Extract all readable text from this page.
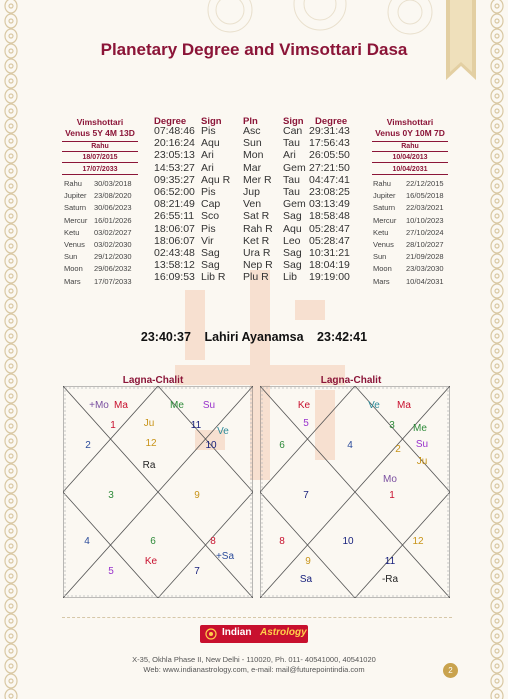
Planetary Degree and Vimsottari Dasa
Vimshottari
Venus 5Y 4M 13D
Rahu
18/07/2015
17/07/2033
Rahu 30/03/2018
Jupiter 23/08/2020
Saturn 30/06/2023
Mercur 16/01/2026
Ketu 03/02/2027
Venus 03/02/2030
Sun 29/12/2030
Moon 29/06/2032
Mars 17/07/2033
Vimshottari
Venus 0Y 10M 7D
Rahu
10/04/2013
10/04/2031
Rahu 22/12/2015
Jupiter 16/05/2018
Saturn 22/03/2021
Mercur 10/10/2023
Ketu 27/10/2024
Venus 28/10/2027
Sun	21/09/2028
Moon 23/03/2030
Mars 10/04/2031
Degree Sign Pln	Sign Degree
07:48:46 Pis	Asc Can 29:31:43
20:16:24 Aqu Sun Tau 17:56:43
23:05:13 Ari	Mon Ari 26:05:50
14:53:27 Ari	Mar Gem 27:21:50
09:35:27 Aqu R Mer R Tau 04:47:41
06:52:00 Pis	Jup Tau 23:08:25
08:21:49 Cap Ven Gem 03:13:49
26:55:11 Sco Sat R Sag 18:58:48
18:06:07 Pis	Rah R Aqu 05:28:47
18:06:07 Vir	Ket R Leo 05:28:47
02:43:48 Sag Ura R Sag 10:31:21
13:58:12 Sag Nep R Sag 18:04:19
16:09:53 Lib R Plu R Lib 19:19:00
23:40:37 Lahiri Ayanamsa 23:42:41
Lagna-Chalit	Lagna-Chalit
+Mo Ma
1	Ju
Me Su
11
12
Ve
10
2
Ra
3	9
4	6	8
Ke	+Sa
5	7
Ke
5
Ve Ma
3 Me
6	4	2 Su
Ju
Mo
1
7
8	10	12
9	11
Sa	-Ra
Indian Astrology
X-35, Okhla Phase II, New Delhi - 110020, Ph. 011- 40541000, 40541020
Web: www.indianastrology.com, e-mail: mail@futurepointindia.com	2
